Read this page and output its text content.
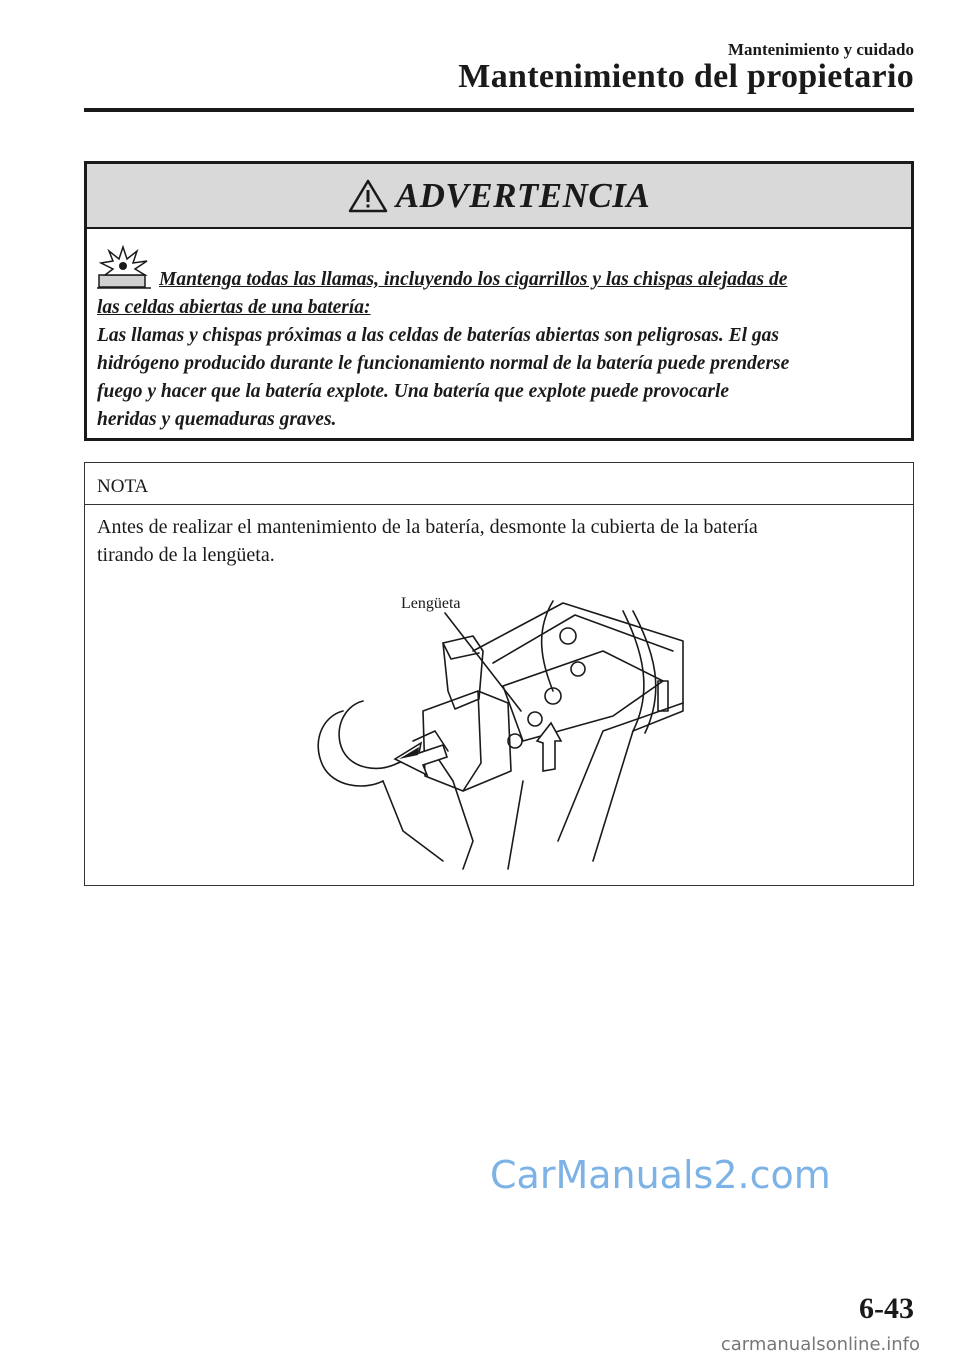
Mantenimiento y cuidado
Mantenimiento del propietario
ADVERTENCIA
Mantenga todas las llamas, incluyendo los cigarrillos y las chispas alejadas de
las celdas abiertas de una batería:
Las llamas y chispas próximas a las celdas de baterías abiertas son peligrosas. El gas
hidrógeno producido durante le funcionamiento normal de la batería puede prenderse
fuego y hacer que la batería explote. Una batería que explote puede provocarle
heridas y quemaduras graves.
NOTA
Antes de realizar el mantenimiento de la batería, desmonte la cubierta de la batería
tirando de la lengüeta.
Lengüeta
CarManuals2.com
6-43
carmanualsonline.info
